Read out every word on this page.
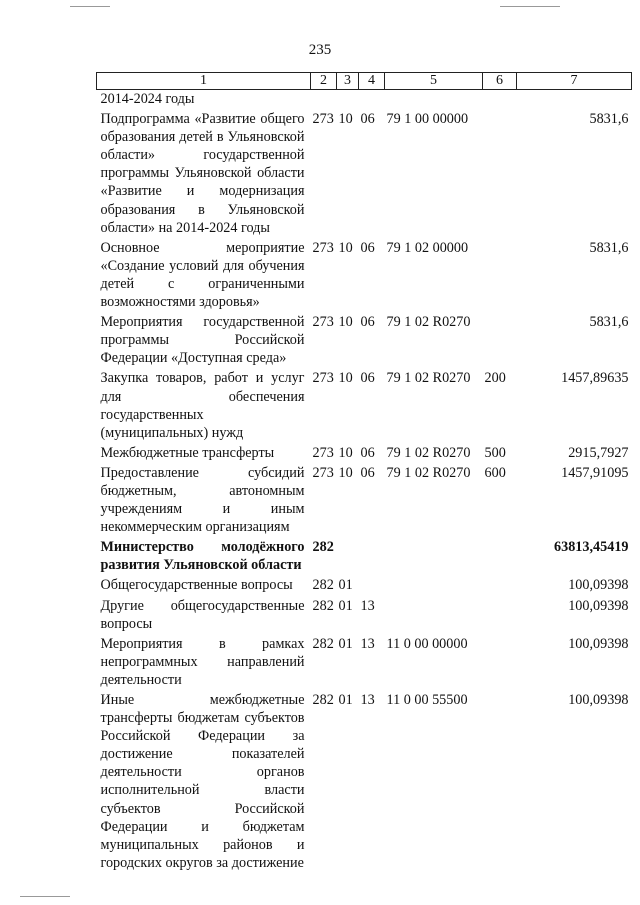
235
1	2	3	4	5	6	7
2014-2024 годы						
Подпрограмма «Развитие общего образования детей в Ульяновской области» государственной программы Ульяновской области «Развитие и модернизация образования в Ульяновской области» на 2014-2024 годы	273	10	06	79 1 00 00000		5831,6
Основное мероприятие «Создание условий для обучения детей с ограниченными возможностями здоровья»	273	10	06	79 1 02 00000		5831,6
Мероприятия государственной программы Российской Федерации «Доступная среда»	273	10	06	79 1 02 R0270		5831,6
Закупка товаров, работ и услуг для обеспечения государственных (муниципальных) нужд	273	10	06	79 1 02 R0270	200	1457,89635
Межбюджетные трансферты	273	10	06	79 1 02 R0270	500	2915,7927
Предоставление субсидий бюджетным, автономным учреждениям и иным некоммерческим организациям	273	10	06	79 1 02 R0270	600	1457,91095
Министерство молодёжного развития Ульяновской области	282					63813,45419
Общегосударственные вопросы	282	01				100,09398
Другие общегосударственные вопросы	282	01	13			100,09398
Мероприятия в рамках непрограммных направлений деятельности	282	01	13	11 0 00 00000		100,09398
Иные межбюджетные трансферты бюджетам субъектов Российской Федерации за достижение показателей деятельности органов исполнительной власти субъектов Российской Федерации и бюджетам муниципальных районов и городских округов за достижение	282	01	13	11 0 00 55500		100,09398
